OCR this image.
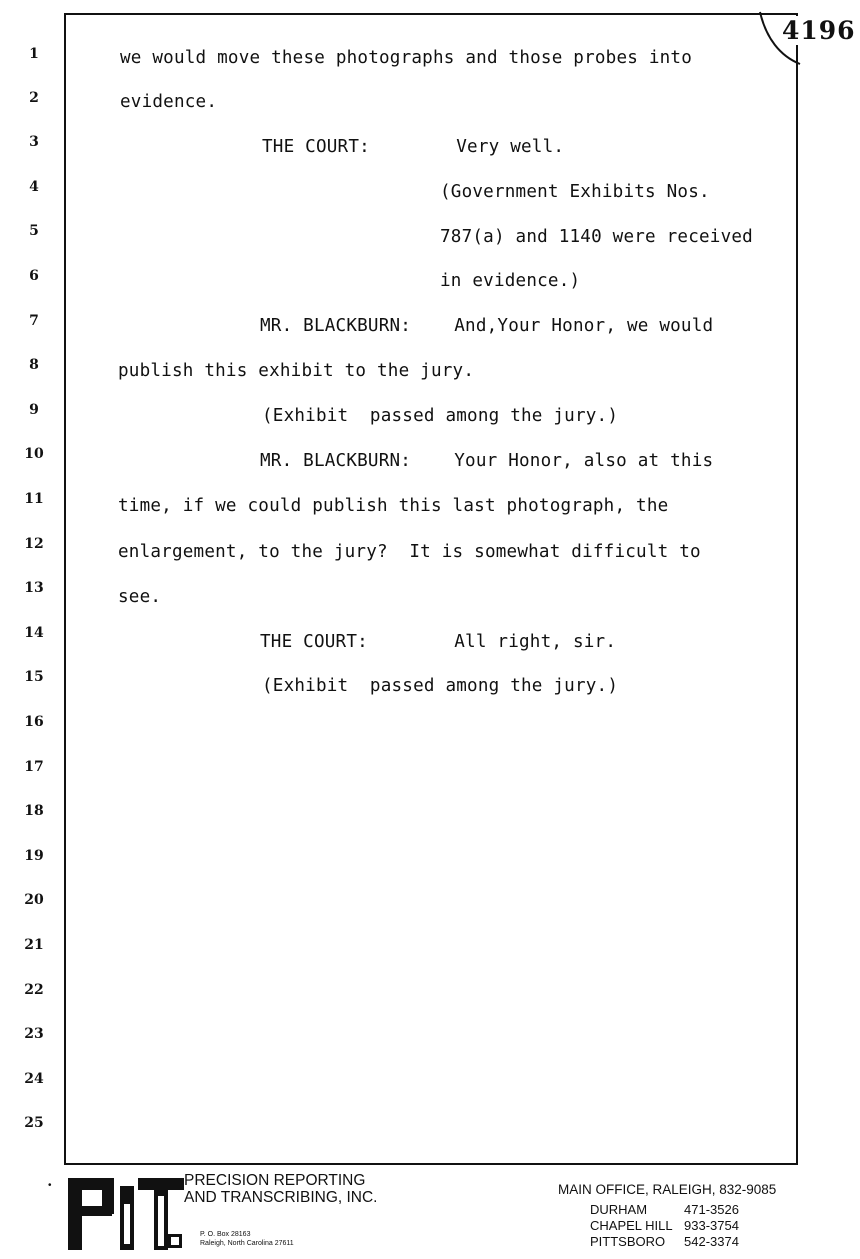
4196
1
2
3
4
5
6
7
8
9
10
11
12
13
14
15
16
17
18
19
20
21
22
23
24
25
we would move these photographs and those probes into
evidence.
THE COURT:        Very well.
(Government Exhibits Nos.
787(a) and 1140 were received
in evidence.)
MR. BLACKBURN:    And,Your Honor, we would
publish this exhibit to the jury.
(Exhibit  passed among the jury.)
MR. BLACKBURN:    Your Honor, also at this
time, if we could publish this last photograph, the
enlargement, to the jury?  It is somewhat difficult to
see.
THE COURT:        All right, sir.
(Exhibit  passed among the jury.)
•	PRECISION REPORTING
AND TRANSCRIBING, INC.
P. O. Box 28163
Raleigh, North Carolina 27611
MAIN OFFICE, RALEIGH, 832-9085
DURHAM	471-3526
CHAPEL HILL 933-3754
PITTSBORO 542-3374
